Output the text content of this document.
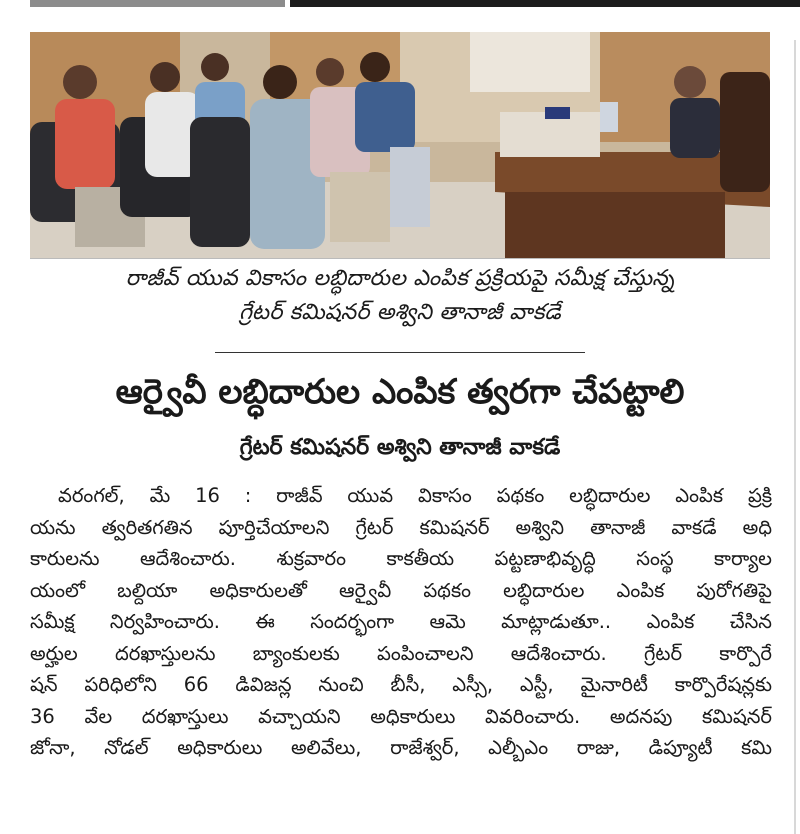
రాజీవ్ యువ వికాసం లబ్ధిదారుల ఎంపిక ప్రక్రియపై సమీక్ష చేస్తున్న
గ్రేటర్ కమిషనర్ అశ్విని తానాజీ వాకడే
ఆర్వైవీ లబ్ధిదారుల ఎంపిక త్వరగా చేపట్టాలి
గ్రేటర్ కమిషనర్ అశ్విని తానాజీ వాకడే
వరంగల్, మే 16 : రాజీవ్ యువ వికాసం పథకం లబ్ధిదారుల ఎంపిక ప్రక్రి
యను త్వరితగతిన పూర్తిచేయాలని గ్రేటర్ కమిషనర్ అశ్విని తానాజీ వాకడే అధి
కారులను ఆదేశించారు. శుక్రవారం కాకతీయ పట్టణాభివృద్ధి సంస్థ కార్యాల
యంలో బల్దియా అధికారులతో ఆర్వైవీ పథకం లబ్ధిదారుల ఎంపిక పురోగతిపై
సమీక్ష నిర్వహించారు. ఈ సందర్భంగా ఆమె మాట్లాడుతూ.. ఎంపిక చేసిన
అర్హుల దరఖాస్తులను బ్యాంకులకు పంపించాలని ఆదేశించారు. గ్రేటర్ కార్పొరే
షన్ పరిధిలోని 66 డివిజన్ల నుంచి బీసీ, ఎస్సీ, ఎస్టీ, మైనారిటీ కార్పొరేషన్లకు
36 వేల దరఖాస్తులు వచ్చాయని అధికారులు వివరించారు. అదనపు కమిషనర్
జోనా, నోడల్ అధికారులు అలివేలు, రాజేశ్వర్, ఎల్బీఎం రాజు, డిప్యూటీ కమి
